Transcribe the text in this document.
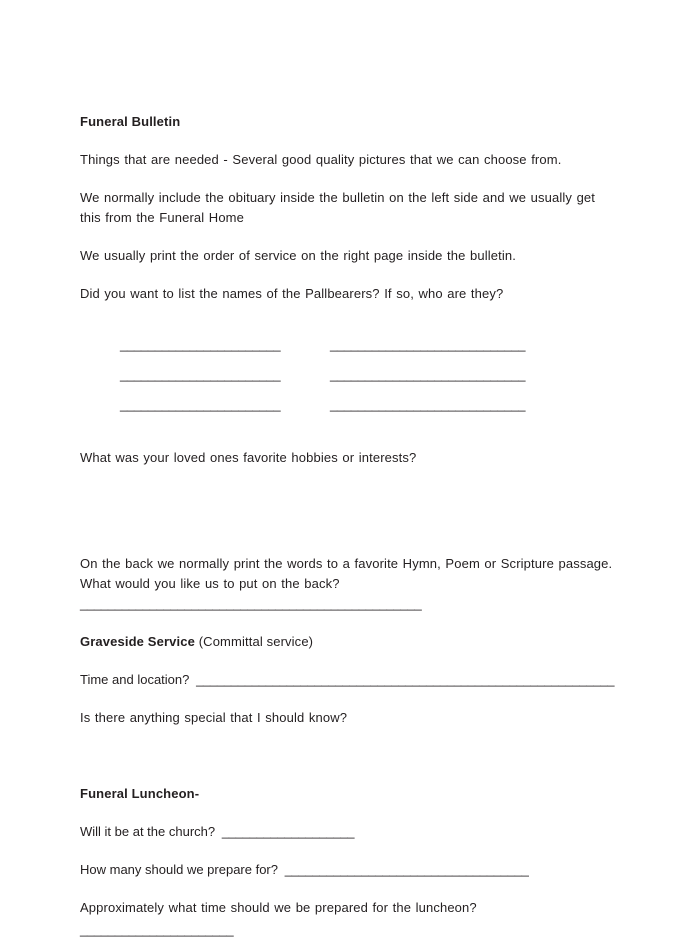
Funeral Bulletin

Things that are needed - Several good quality pictures that we can choose from.

We normally include the obituary inside the bulletin on the left side and we usually get this from the Funeral Home

We usually print the order of service on the right page inside the bulletin.

Did you want to list the names of the Pallbearers? If so, who are they?

_______________________	____________________________
_______________________	____________________________
_______________________	____________________________

What was your loved ones favorite hobbies or interests?

On the back we normally print the words to a favorite Hymn, Poem or Scripture passage. What would you like us to put on the back? _________________________________________________

Graveside Service (Committal service)

Time and location?  ____________________________________________________________

Is there anything special that I should know?

Funeral Luncheon-

Will it be at the church?  ___________________

How many should we prepare for?  ___________________________________

Approximately what time should we be prepared for the luncheon?
______________________
